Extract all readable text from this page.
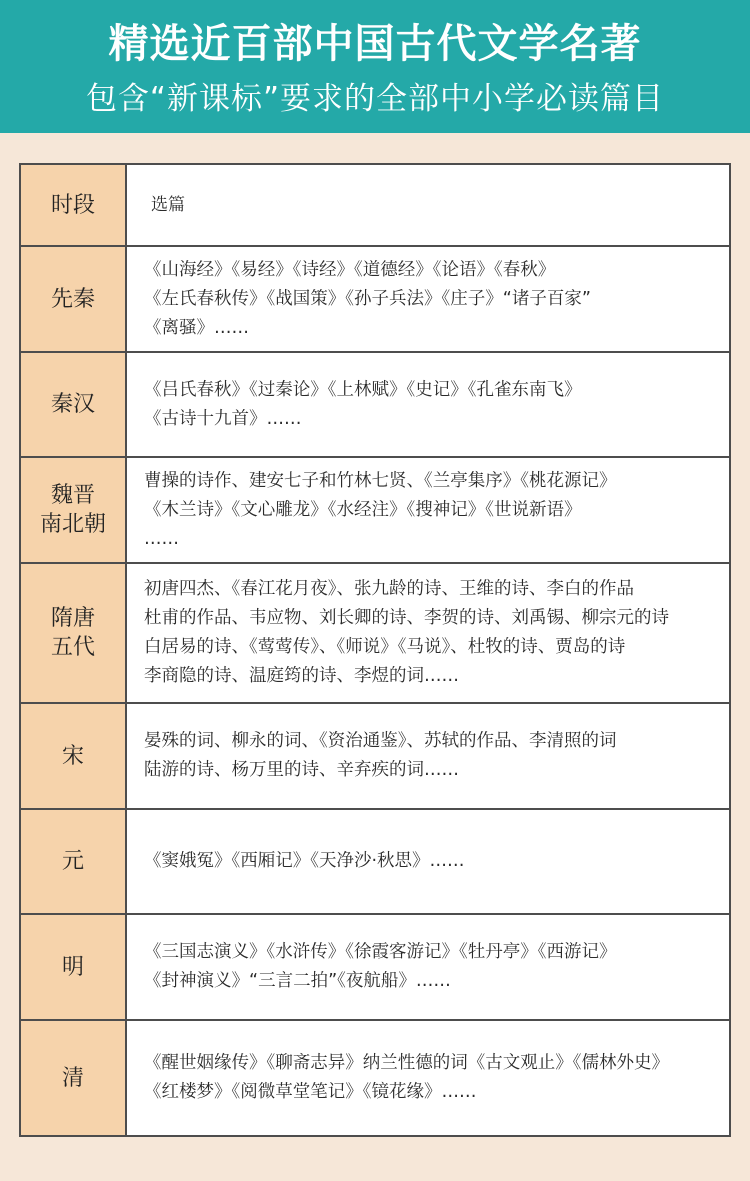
精选近百部中国古代文学名著
包含“新课标”要求的全部中小学必读篇目
时段	选篇
先秦
《山海经》《易经》《诗经》《道德经》《论语》《春秋》
《左氏春秋传》《战国策》《孙子兵法》《庄子》“诸子百家”
《离骚》……
秦汉
《吕氏春秋》《过秦论》《上林赋》《史记》《孔雀东南飞》
《古诗十九首》……
魏晋
南北朝
曹操的诗作、建安七子和竹林七贤、《兰亭集序》《桃花源记》
《木兰诗》《文心雕龙》《水经注》《搜神记》《世说新语》
……
隋唐
五代
初唐四杰、《春江花月夜》、张九龄的诗、王维的诗、李白的作品
杜甫的作品、韦应物、刘长卿的诗、李贺的诗、刘禹锡、柳宗元的诗
白居易的诗、《莺莺传》、《师说》《马说》、杜牧的诗、贾岛的诗
李商隐的诗、温庭筠的诗、李煜的词……
宋
晏殊的词、柳永的词、《资治通鉴》、苏轼的作品、李清照的词
陆游的诗、杨万里的诗、辛弃疾的词……
元	《窦娥冤》《西厢记》《天净沙·秋思》……
明
《三国志演义》《水浒传》《徐霞客游记》《牡丹亭》《西游记》
《封神演义》“三言二拍”《夜航船》……
清
《醒世姻缘传》《聊斋志异》纳兰性德的词《古文观止》《儒林外史》
《红楼梦》《阅微草堂笔记》《镜花缘》……
